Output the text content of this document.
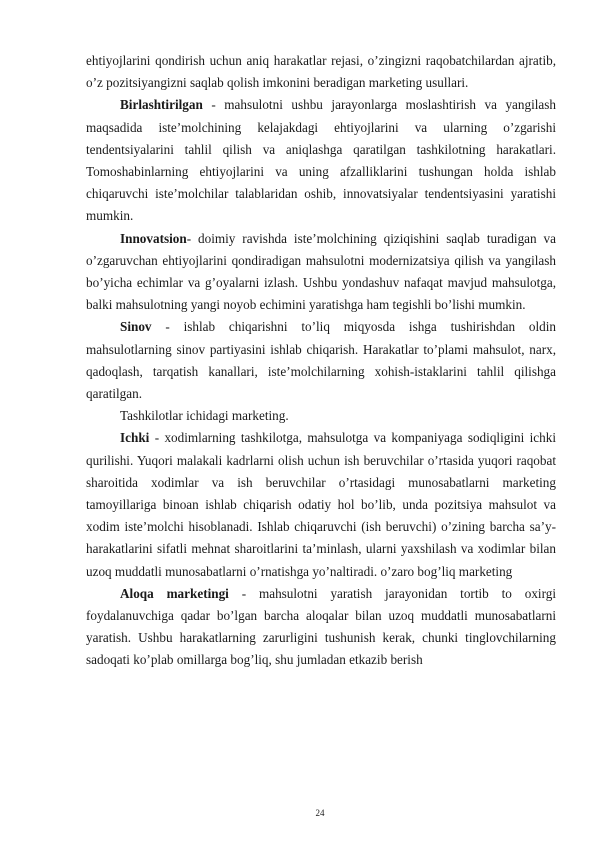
ehtiyojlarini qondirish uchun aniq harakatlar rejasi, o’zingizni raqobatchilardan ajratib, o’z pozitsiyangizni saqlab qolish imkonini beradigan marketing usullari.

Birlashtirilgan - mahsulotni ushbu jarayonlarga moslashtirish va yangilash maqsadida iste’molchining kelajakdagi ehtiyojlarini va ularning o’zgarishi tendentsiyalarini tahlil qilish va aniqlashga qaratilgan tashkilotning harakatlari. Tomoshabinlarning ehtiyojlarini va uning afzalliklarini tushungan holda ishlab chiqaruvchi iste’molchilar talablaridan oshib, innovatsiyalar tendentsiyasini yaratishi mumkin.

Innovatsion- doimiy ravishda iste’molchining qiziqishini saqlab turadigan va o’zgaruvchan ehtiyojlarini qondiradigan mahsulotni modernizatsiya qilish va yangilash bo’yicha echimlar va g’oyalarni izlash. Ushbu yondashuv nafaqat mavjud mahsulotga, balki mahsulotning yangi noyob echimini yaratishga ham tegishli bo’lishi mumkin.

Sinov - ishlab chiqarishni to’liq miqyosda ishga tushirishdan oldin mahsulotlarning sinov partiyasini ishlab chiqarish. Harakatlar to’plami mahsulot, narx, qadoqlash, tarqatish kanallari, iste’molchilarning xohish-istaklarini tahlil qilishga qaratilgan.

Tashkilotlar ichidagi marketing.

Ichki - xodimlarning tashkilotga, mahsulotga va kompaniyaga sodiqligini ichki qurilishi. Yuqori malakali kadrlarni olish uchun ish beruvchilar o’rtasida yuqori raqobat sharoitida xodimlar va ish beruvchilar o’rtasidagi munosabatlarni marketing tamoyillariga binoan ishlab chiqarish odatiy hol bo’lib, unda pozitsiya mahsulot va xodim iste’molchi hisoblanadi. Ishlab chiqaruvchi (ish beruvchi) o’zining barcha sa’y-harakatlarini sifatli mehnat sharoitlarini ta’minlash, ularni yaxshilash va xodimlar bilan uzoq muddatli munosabatlarni o’rnatishga yo’naltiradi. o’zaro bog’liq marketing

Aloqa marketingi - mahsulotni yaratish jarayonidan tortib to oxirgi foydalanuvchiga qadar bo’lgan barcha aloqalar bilan uzoq muddatli munosabatlarni yaratish. Ushbu harakatlarning zarurligini tushunish kerak, chunki tinglovchilarning sadoqati ko’plab omillarga bog’liq, shu jumladan etkazib berish

24
